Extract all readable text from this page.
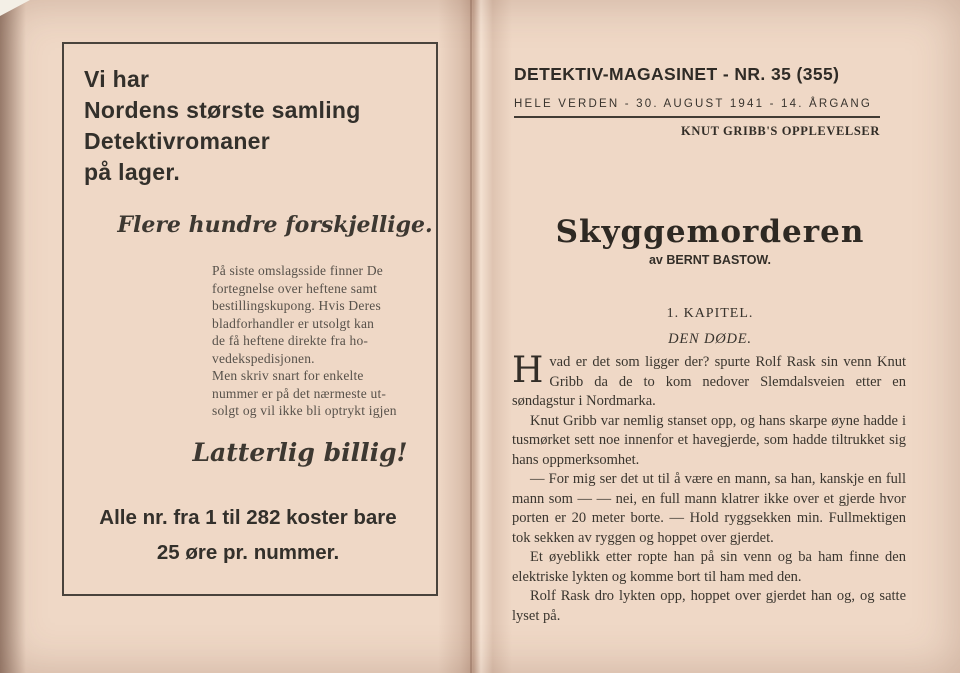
Vi har
Nordens største samling
Detektivromaner
på lager.
Flere hundre forskjellige.
På siste omslagsside finner De
fortegnelse over heftene samt
bestillingskupong. Hvis Deres
bladforhandler er utsolgt kan
de få heftene direkte fra ho-
vedekspedisjonen.
Men skriv snart for enkelte
nummer er på det nærmeste ut-
solgt og vil ikke bli optrykt igjen
Latterlig billig!
Alle nr. fra 1 til 282 koster bare
25 øre pr. nummer.
DETEKTIV-MAGASINET - NR. 35 (355)
HELE VERDEN - 30. AUGUST 1941 - 14. ÅRGANG
KNUT GRIBB'S OPPLEVELSER
Skyggemorderen
av BERNT BASTOW.
1. KAPITEL.
DEN DØDE.

Hvad er det som ligger der? spurte Rolf Rask sin venn Knut Gribb da de to kom nedover Slemdalsveien etter en søndagstur i Nordmarka.

Knut Gribb var nemlig stanset opp, og hans skarpe øyne hadde i tusmørket sett noe innenfor et havegjerde, som hadde tiltrukket sig hans oppmerksomhet.

— For mig ser det ut til å være en mann, sa han, kanskje en full mann som — — nei, en full mann klatrer ikke over et gjerde hvor porten er 20 meter borte. — Hold ryggsekken min. Fullmektigen tok sekken av ryggen og hoppet over gjerdet.

Et øyeblikk etter ropte han på sin venn og ba ham finne den elektriske lykten og komme bort til ham med den.

Rolf Rask dro lykten opp, hoppet over gjerdet han og, og satte lyset på.
